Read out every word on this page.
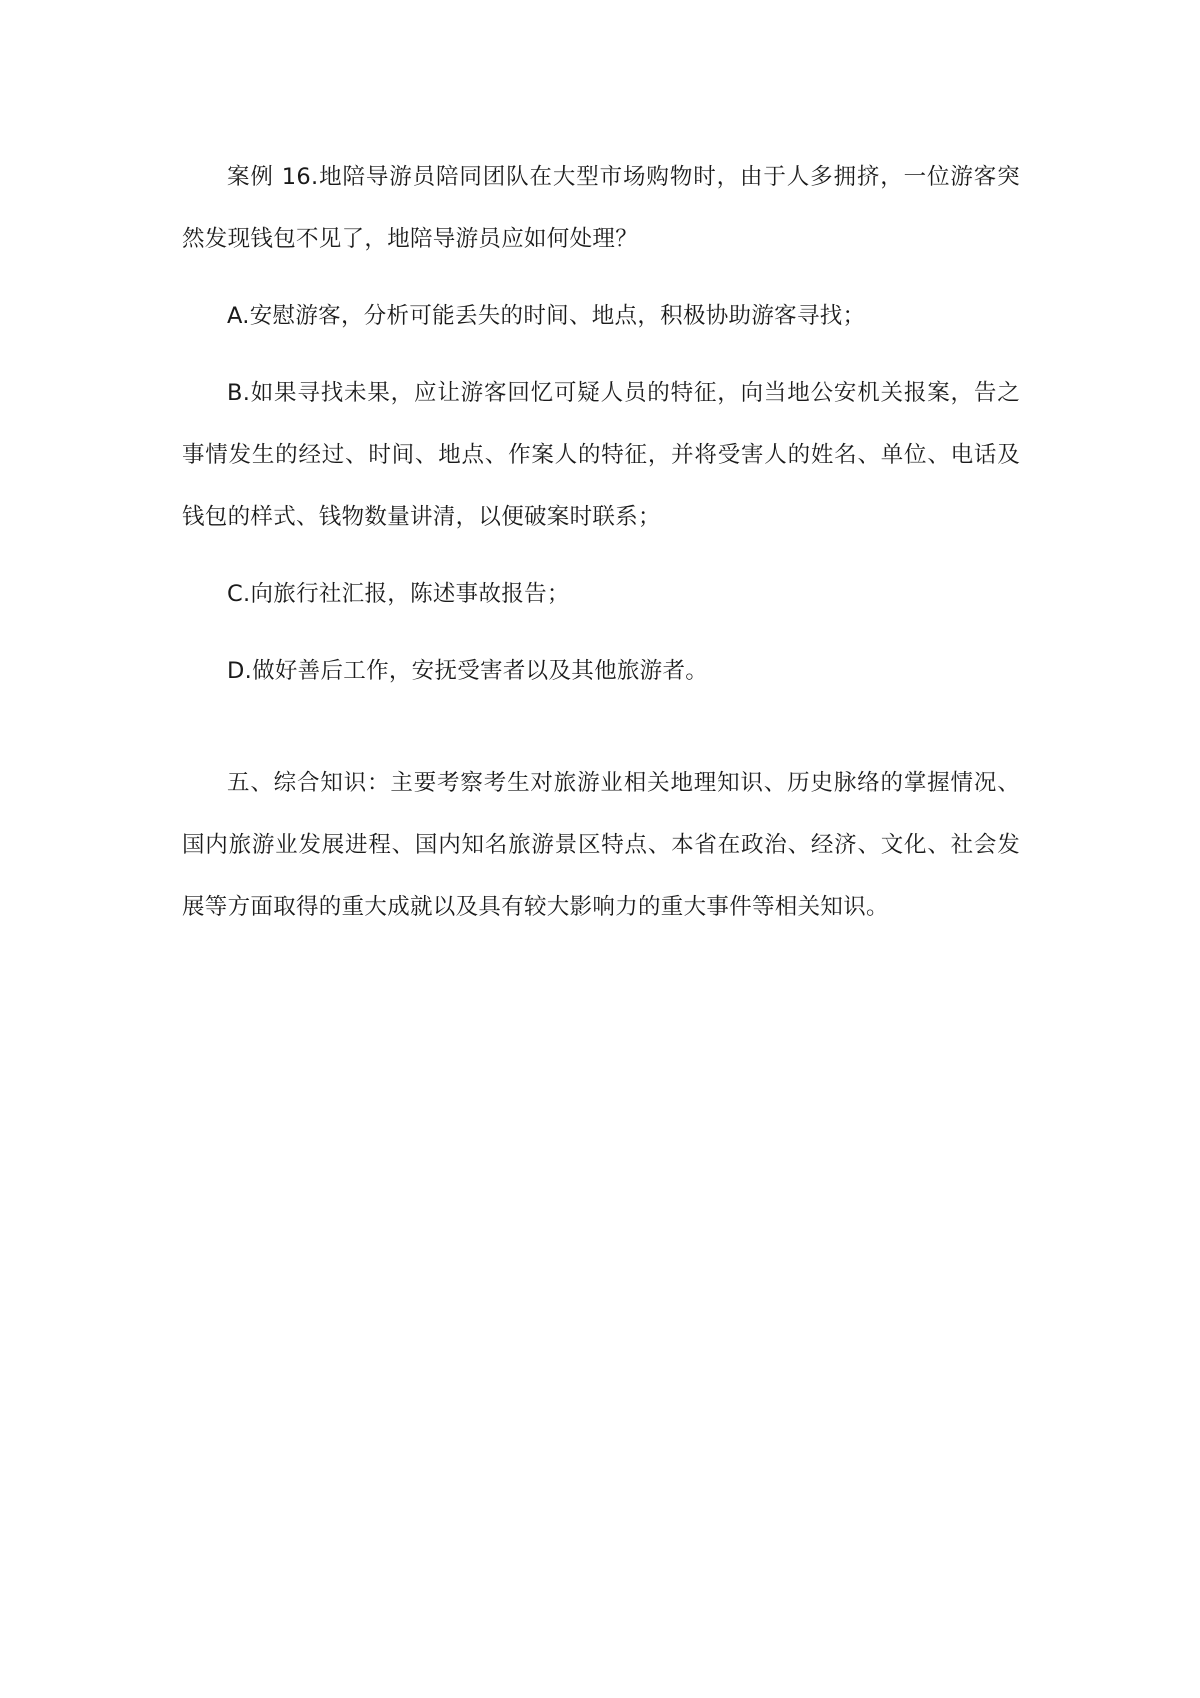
案例 16.地陪导游员陪同团队在大型市场购物时，由于人多拥挤，一位游客突然发现钱包不见了，地陪导游员应如何处理？

A.安慰游客，分析可能丢失的时间、地点，积极协助游客寻找；

B.如果寻找未果，应让游客回忆可疑人员的特征，向当地公安机关报案，告之事情发生的经过、时间、地点、作案人的特征，并将受害人的姓名、单位、电话及钱包的样式、钱物数量讲清，以便破案时联系；

C.向旅行社汇报，陈述事故报告；

D.做好善后工作，安抚受害者以及其他旅游者。

五、综合知识：主要考察考生对旅游业相关地理知识、历史脉络的掌握情况、国内旅游业发展进程、国内知名旅游景区特点、本省在政治、经济、文化、社会发展等方面取得的重大成就以及具有较大影响力的重大事件等相关知识。
